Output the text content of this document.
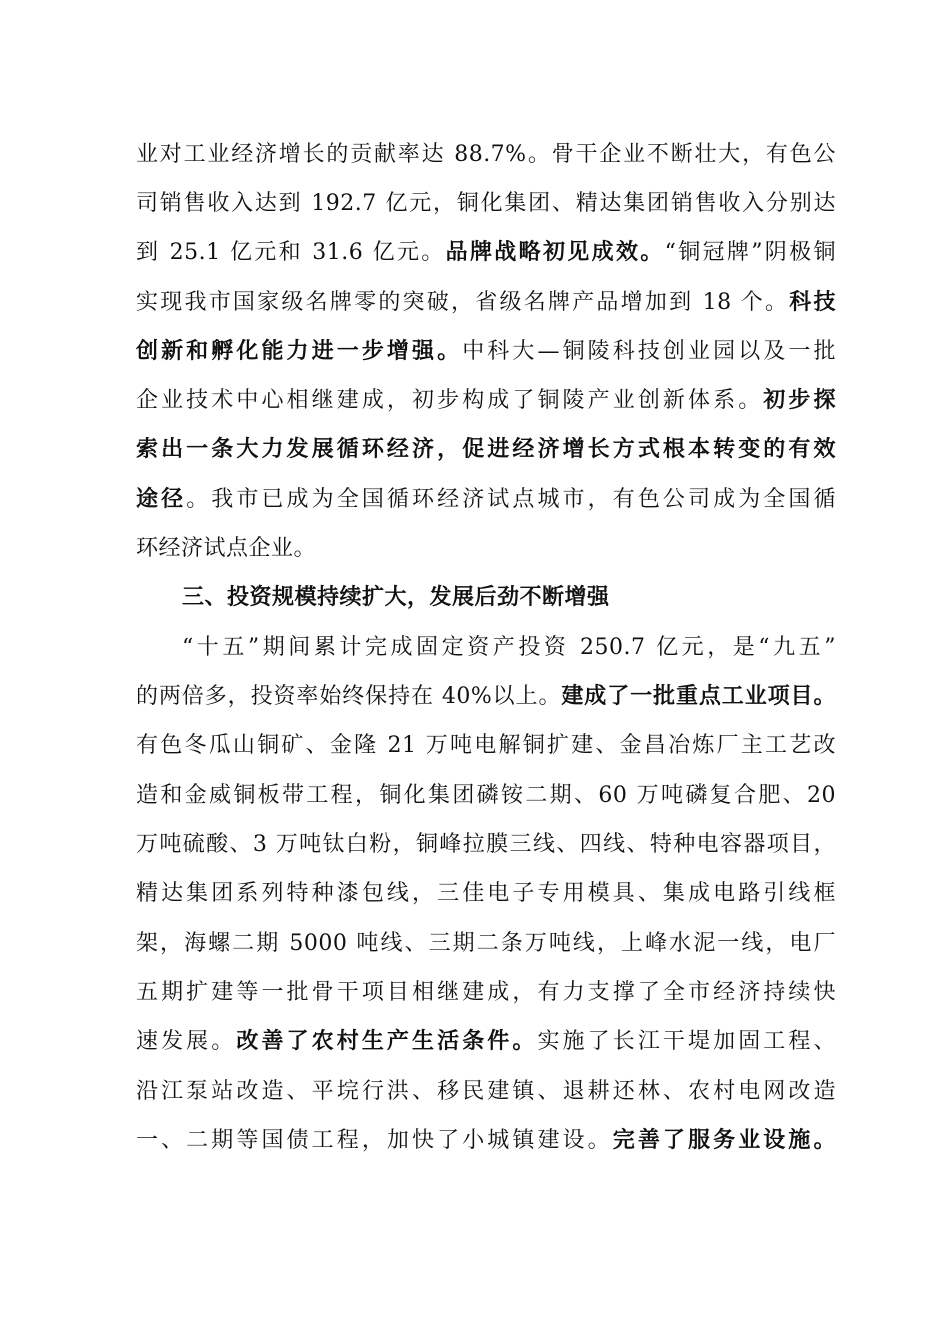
业对工业经济增长的贡献率达 88.7%。骨干企业不断壮大，有色公
司销售收入达到 192.7 亿元，铜化集团、精达集团销售收入分别达
到 25.1 亿元和 31.6 亿元。品牌战略初见成效。“铜冠牌”阴极铜
实现我市国家级名牌零的突破，省级名牌产品增加到 18 个。科技
创新和孵化能力进一步增强。中科大—铜陵科技创业园以及一批
企业技术中心相继建成，初步构成了铜陵产业创新体系。初步探
索出一条大力发展循环经济，促进经济增长方式根本转变的有效
途径。我市已成为全国循环经济试点城市，有色公司成为全国循
环经济试点企业。
三、投资规模持续扩大，发展后劲不断增强
“十五”期间累计完成固定资产投资 250.7 亿元，是“九五”
的两倍多，投资率始终保持在 40%以上。建成了一批重点工业项目。
有色冬瓜山铜矿、金隆 21 万吨电解铜扩建、金昌冶炼厂主工艺改
造和金威铜板带工程，铜化集团磷铵二期、60 万吨磷复合肥、20
万吨硫酸、3 万吨钛白粉，铜峰拉膜三线、四线、特种电容器项目，
精达集团系列特种漆包线，三佳电子专用模具、集成电路引线框
架，海螺二期 5000 吨线、三期二条万吨线，上峰水泥一线，电厂
五期扩建等一批骨干项目相继建成，有力支撑了全市经济持续快
速发展。改善了农村生产生活条件。实施了长江干堤加固工程、
沿江泵站改造、平垸行洪、移民建镇、退耕还林、农村电网改造
一、二期等国债工程，加快了小城镇建设。完善了服务业设施。
